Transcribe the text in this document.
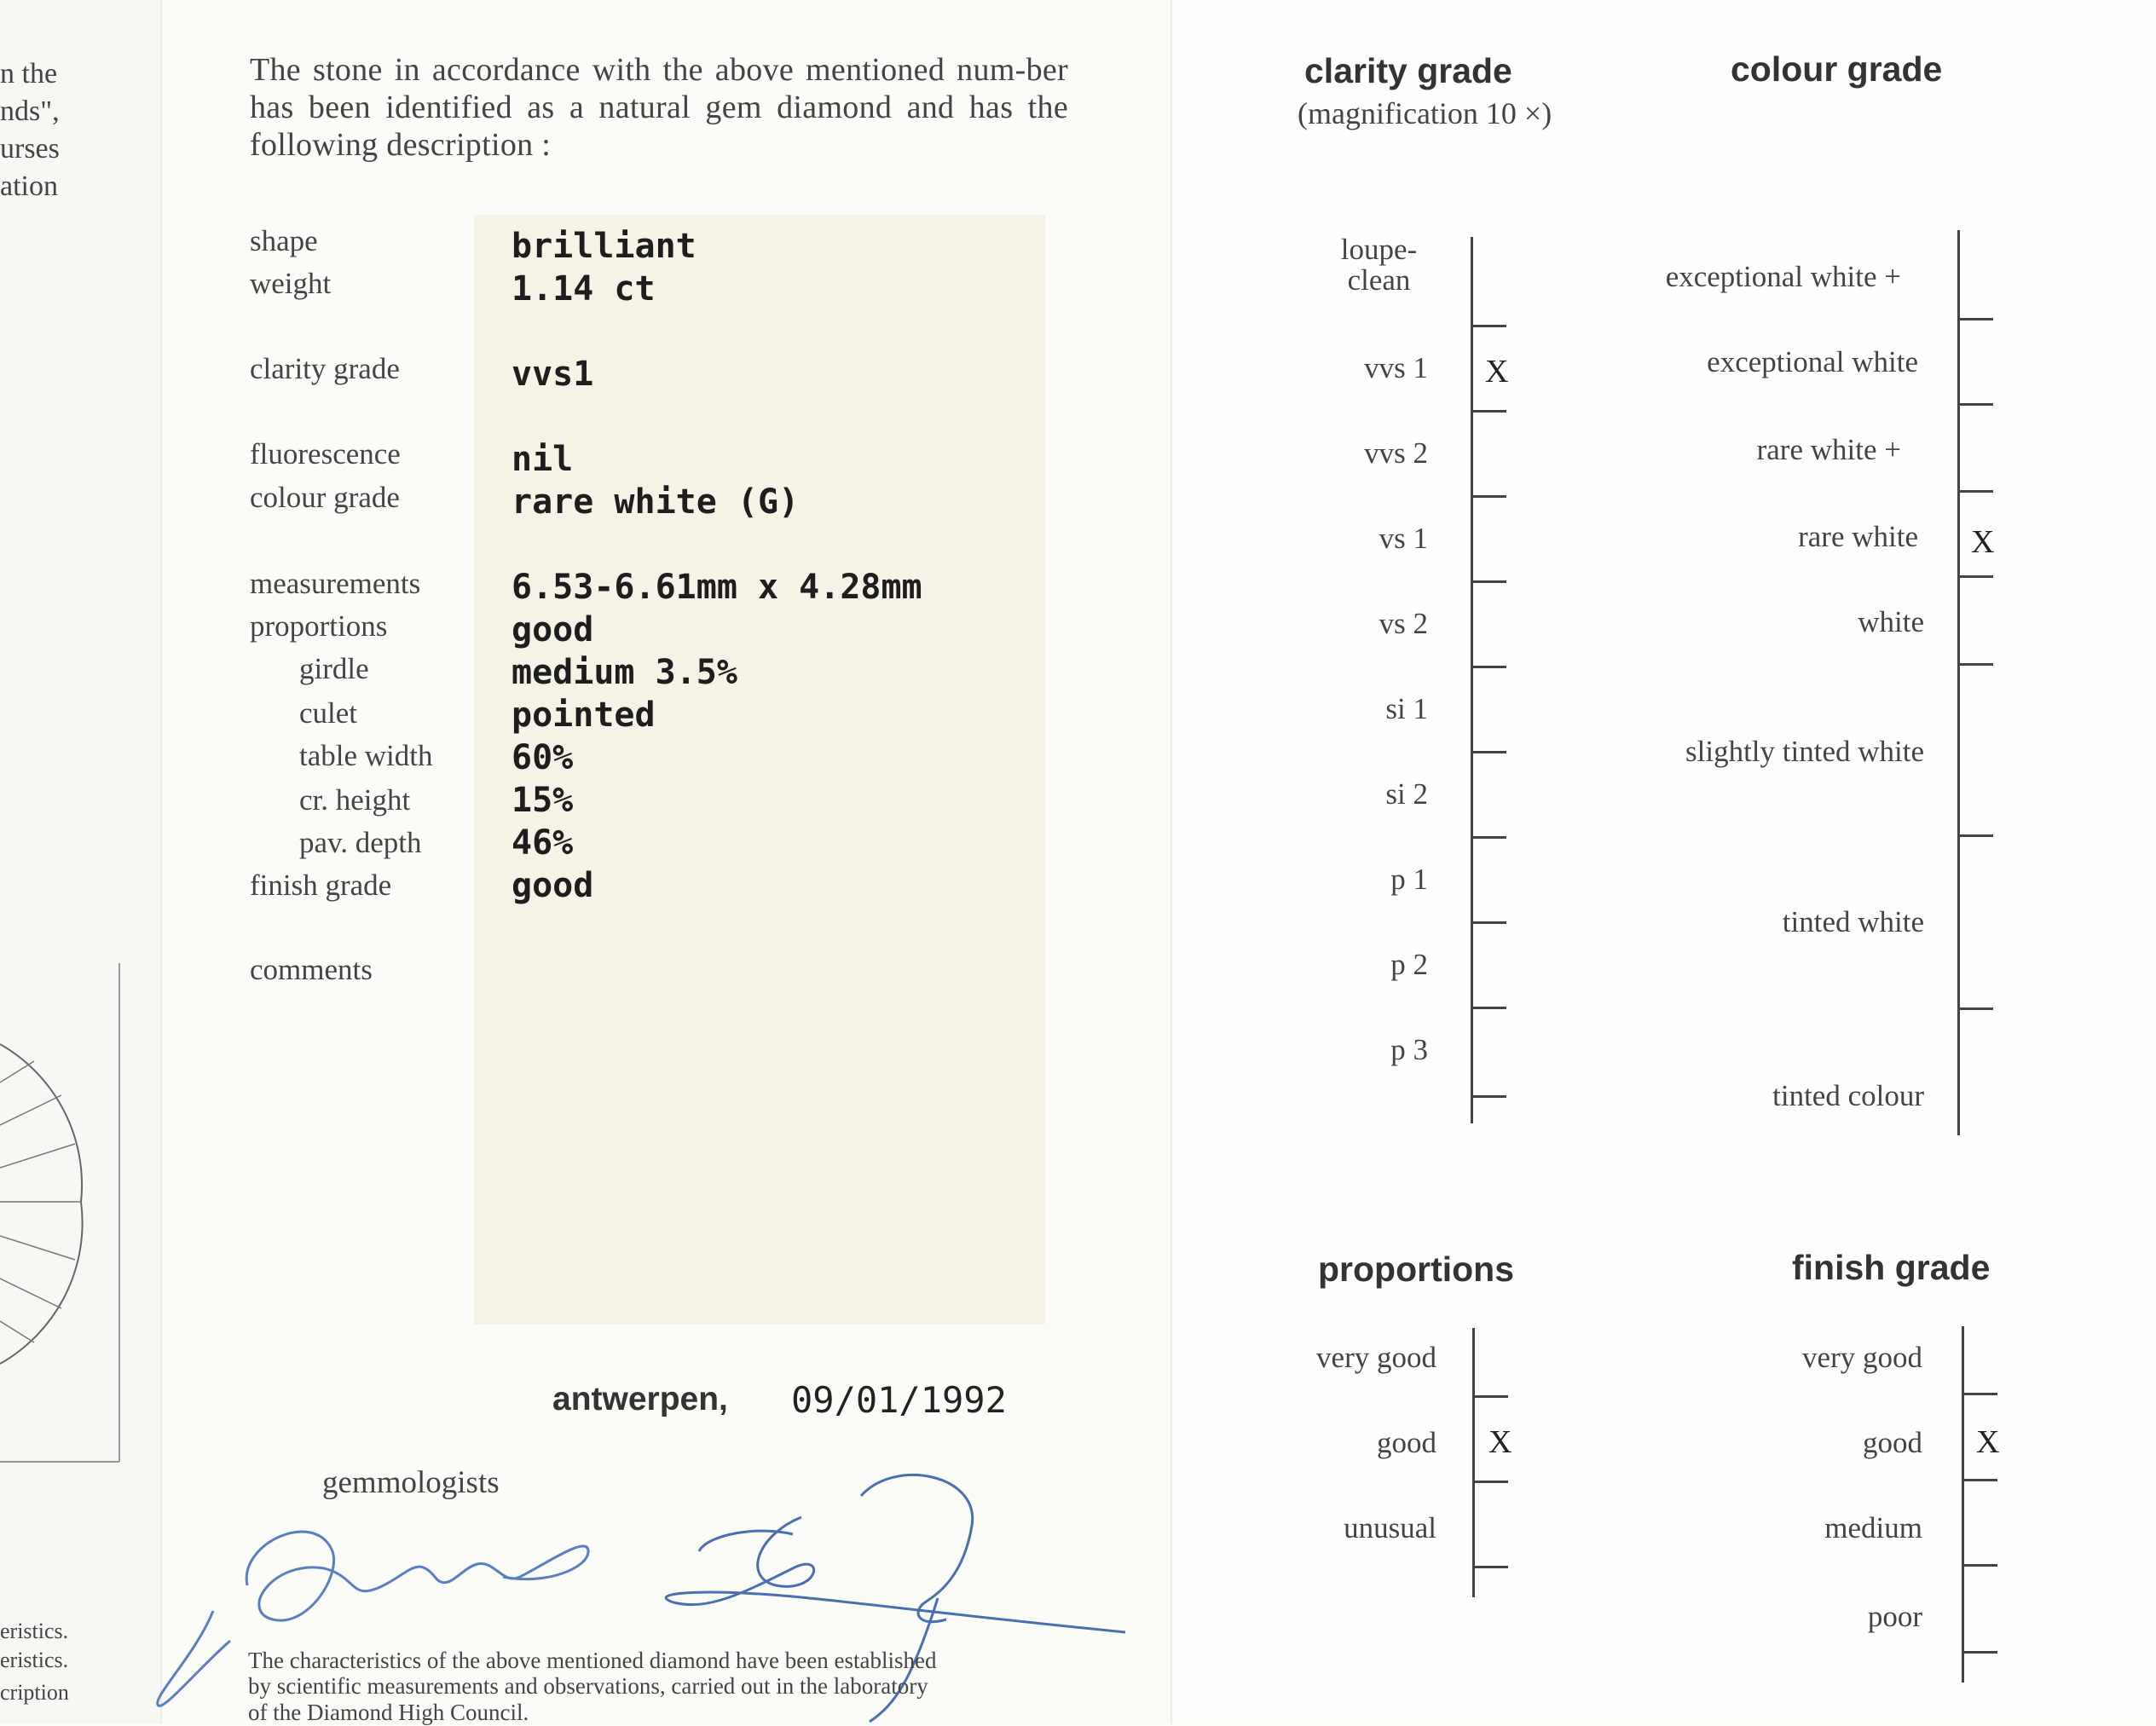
n the
nds",
urses
ation
eristics.
eristics.
cription
The stone in accordance with the above mentioned num-ber has been identified as a natural gem diamond and has the following description :
shape
weight
clarity grade
fluorescence
colour grade
measurements
proportions
girdle
culet
table width
cr. height
pav. depth
finish grade
comments
brilliant
1.14 ct
vvs1
nil
rare white (G)
6.53-6.61mm x 4.28mm
good
medium 3.5%
pointed
60%
15%
46%
good
antwerpen, 09/01/1992
gemmologists
The characteristics of the above mentioned diamond have been established
by scientific measurements and observations, carried out in the laboratory
of the Diamond High Council.
clarity grade
(magnification 10 ×)
colour grade
loupe-
clean
vvs 1
vvs 2
vs 1
vs 2
si 1
si 2
p 1
p 2
p 3
X
exceptional white +
exceptional white
rare white +
rare white
white
slightly tinted white
tinted white
tinted colour
X
proportions	finish grade
very good
good
unusual
X
very good
good
medium
poor
X
